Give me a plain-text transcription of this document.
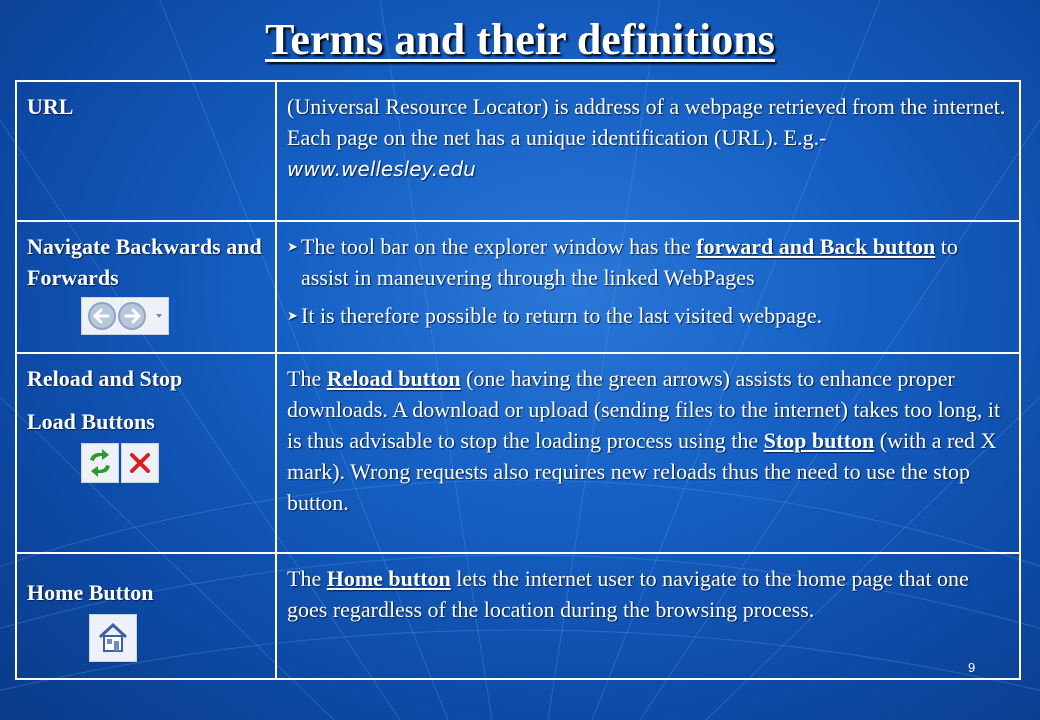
Terms and their definitions
URL	(Universal Resource Locator) is address of a webpage retrieved from the internet. Each page on the net has a unique identification (URL). E.g.- www.wellesley.edu

Navigate Backwards and Forwards	➤ The tool bar on the explorer window has the forward and Back button to assist in maneuvering through the linked WebPages
➤ It is therefore possible to return to the last visited webpage.

Reload and Stop
Load Buttons	The Reload button (one having the green arrows) assists to enhance proper downloads. A download or upload (sending files to the internet) takes too long, it is thus advisable to stop the loading process using the Stop button (with a red X mark). Wrong requests also requires new reloads thus the need to use the stop button.

Home Button	The Home button lets the internet user to navigate to the home page that one goes regardless of the location during the browsing process.
9
